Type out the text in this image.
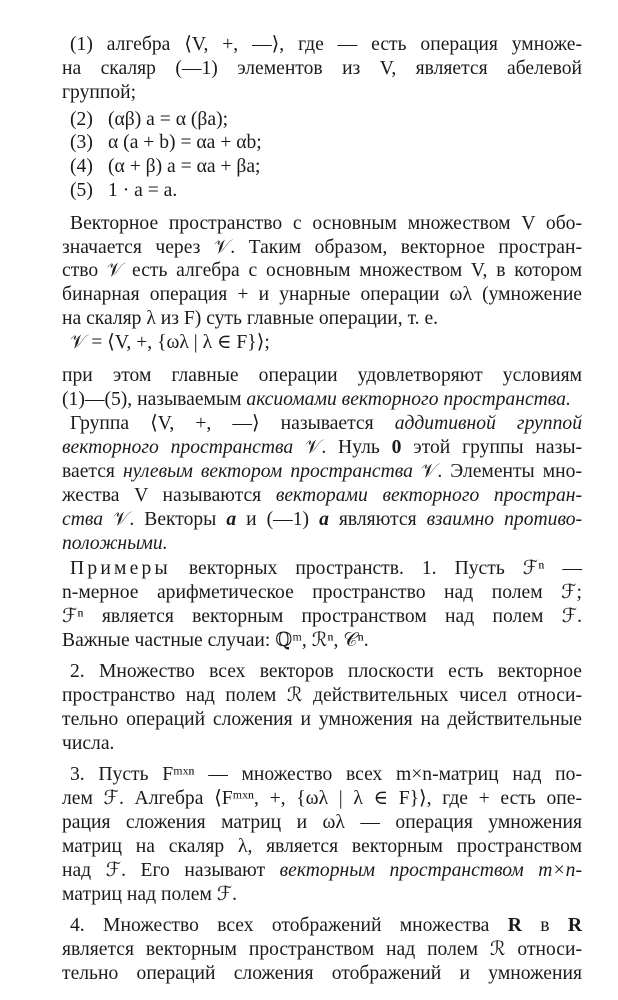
(1) алгебра ⟨V, +, —⟩, где — есть операция умноже-
на скаляр (—1) элементов из V, является абелевой
группой;
(2) (αβ) a = α (βa);
(3) α (a + b) = αa + αb;
(4) (α + β) a = αa + βa;
(5) 1 · a = a.
Векторное пространство с основным множеством V обо-
значается через 𝒱. Таким образом, векторное простран-
ство 𝒱 есть алгебра с основным множеством V, в котором
бинарная операция + и унарные операции ωλ (умножение
на скаляр λ из F) суть главные операции, т. е.
𝒱 = ⟨V, +, {ωλ | λ ∈ F}⟩;
при этом главные операции удовлетворяют условиям
(1)—(5), называемым аксиомами векторного пространства.
Группа ⟨V, +, —⟩ называется аддитивной группой
векторного пространства 𝒱. Нуль 0 этой группы назы-
вается нулевым вектором пространства 𝒱. Элементы мно-
жества V называются векторами векторного простран-
ства 𝒱. Векторы a и (—1) a являются взаимно противо-
положными.
Примеры векторных пространств. 1. Пусть ℱⁿ —
n-мерное арифметическое пространство над полем ℱ;
ℱⁿ является векторным пространством над полем ℱ.
Важные частные случаи: ℚᵐ, ℛⁿ, 𝒞ⁿ.
2. Множество всех векторов плоскости есть векторное
пространство над полем ℛ действительных чисел относи-
тельно операций сложения и умножения на действительные
числа.
3. Пусть Fᵐˣⁿ — множество всех m×n-матриц над по-
лем ℱ. Алгебра ⟨Fᵐˣⁿ, +, {ωλ | λ ∈ F}⟩, где + есть опе-
рация сложения матриц и ωλ — операция умножения
матриц на скаляр λ, является векторным пространством
над ℱ. Его называют векторным пространством m×n-
матриц над полем ℱ.
4. Множество всех отображений множества R в R
является векторным пространством над полем ℛ относи-
тельно операций сложения отображений и умножения
